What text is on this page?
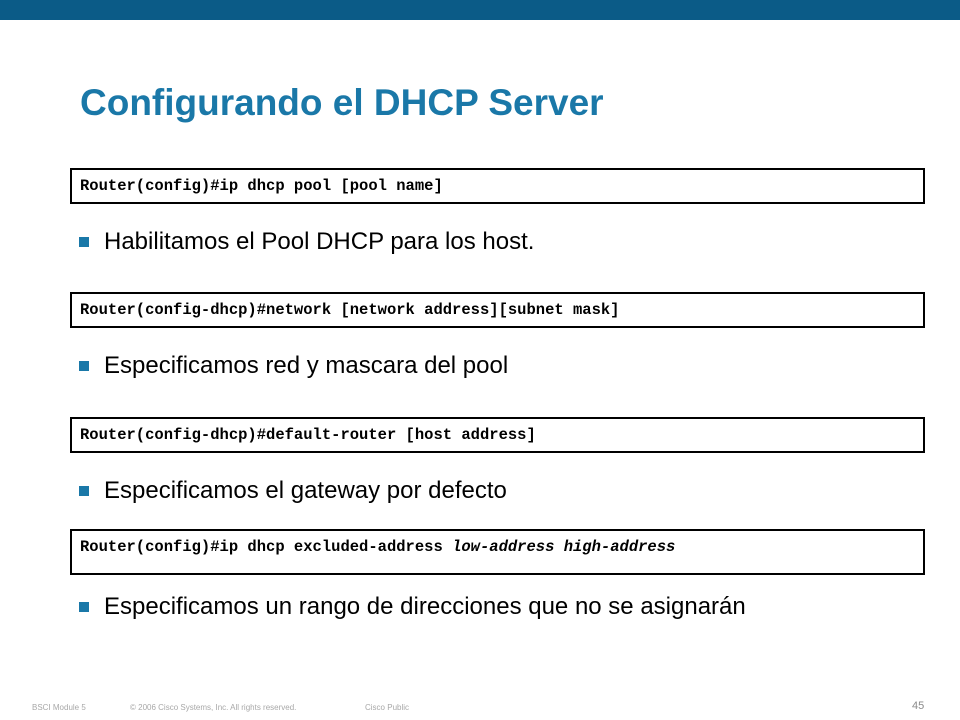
Configurando el DHCP Server
Router(config)#ip dhcp pool [pool name]
Habilitamos el Pool DHCP para los host.
Router(config-dhcp)#network [network address][subnet mask]
Especificamos red y mascara del pool
Router(config-dhcp)#default-router [host address]
Especificamos el gateway por defecto
Router(config)#ip dhcp excluded-address low-address high-address
Especificamos un rango de direcciones que no se asignarán
BSCI Module 5	© 2006 Cisco Systems, Inc. All rights reserved.	Cisco Public	45
